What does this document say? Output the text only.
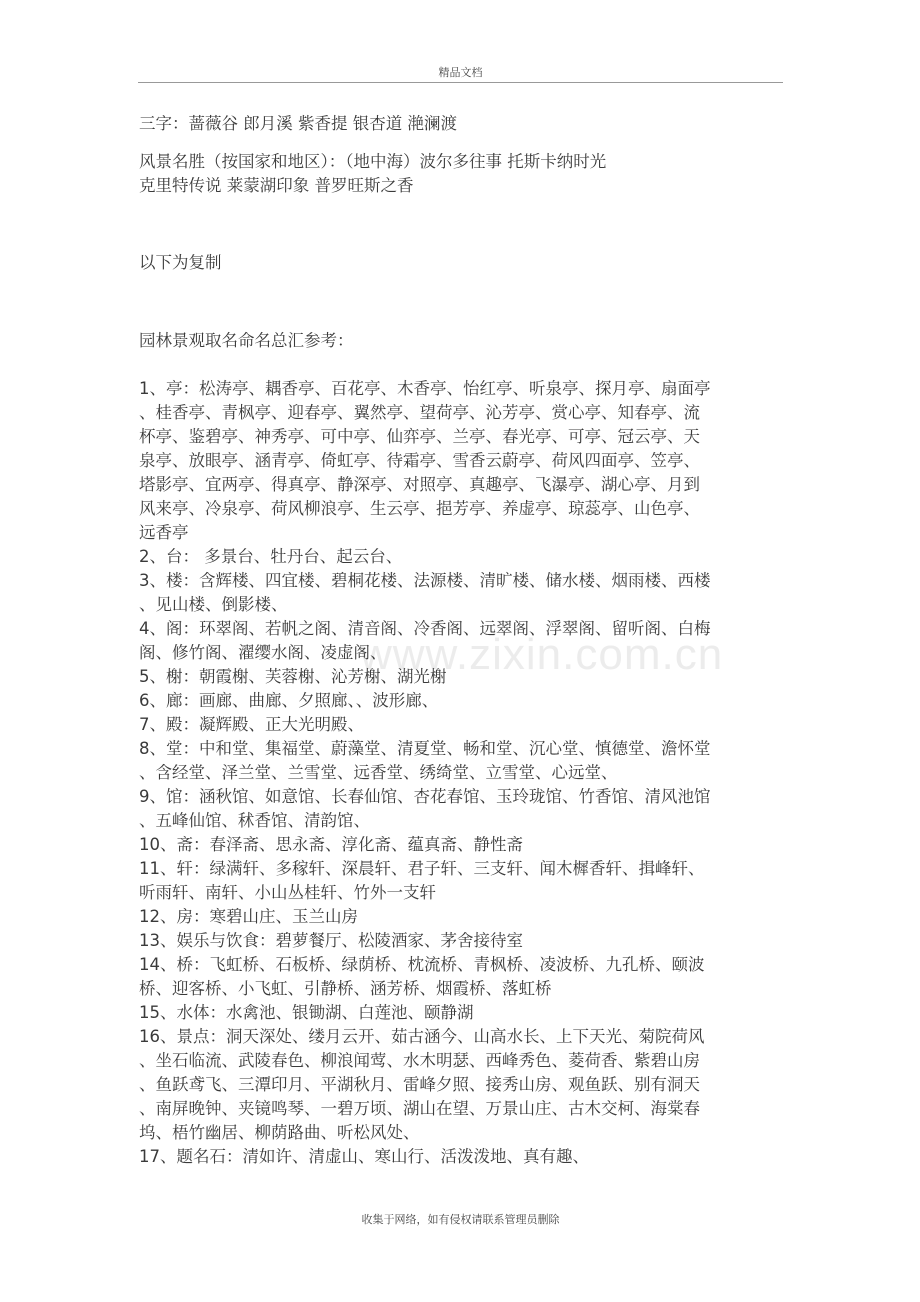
精品文档
www.zixin.com.cn
三字：蔷薇谷 郎月溪 紫香提 银杏道 滟澜渡
风景名胜（按国家和地区）：（地中海）波尔多往事 托斯卡纳时光
克里特传说 莱蒙湖印象 普罗旺斯之香
以下为复制
园林景观取名命名总汇参考：
1、亭：松涛亭、耦香亭、百花亭、木香亭、怡红亭、听泉亭、探月亭、扇面亭
、桂香亭、青枫亭、迎春亭、翼然亭、望荷亭、沁芳亭、赏心亭、知春亭、流
杯亭、鉴碧亭、神秀亭、可中亭、仙弈亭、兰亭、春光亭、可亭、冠云亭、天
泉亭、放眼亭、涵青亭、倚虹亭、待霜亭、雪香云蔚亭、荷风四面亭、笠亭、
塔影亭、宜两亭、得真亭、静深亭、对照亭、真趣亭、飞瀑亭、湖心亭、月到
风来亭、冷泉亭、荷风柳浪亭、生云亭、挹芳亭、养虚亭、琼蕊亭、山色亭、
远香亭
2、台： 多景台、牡丹台、起云台、
3、楼：含辉楼、四宜楼、碧桐花楼、法源楼、清旷楼、储水楼、烟雨楼、西楼
、见山楼、倒影楼、
4、阁：环翠阁、若帆之阁、清音阁、冷香阁、远翠阁、浮翠阁、留听阁、白梅
阁、修竹阁、濯缨水阁、凌虚阁、
5、榭：朝霞榭、芙蓉榭、沁芳榭、湖光榭
6、廊：画廊、曲廊、夕照廊、、波形廊、
7、殿：凝辉殿、正大光明殿、
8、堂：中和堂、集福堂、蔚藻堂、清夏堂、畅和堂、沉心堂、慎德堂、澹怀堂
、含经堂、泽兰堂、兰雪堂、远香堂、绣绮堂、立雪堂、心远堂、
9、馆：涵秋馆、如意馆、长春仙馆、杏花春馆、玉玲珑馆、竹香馆、清风池馆
、五峰仙馆、秫香馆、清韵馆、
10、斋：春泽斋、思永斋、淳化斋、蕴真斋、静性斋
11、轩：绿满轩、多稼轩、深晨轩、君子轩、三支轩、闻木樨香轩、揖峰轩、
听雨轩、南轩、小山丛桂轩、竹外一支轩
12、房：寒碧山庄、玉兰山房
13、娱乐与饮食：碧萝餐厅、松陵酒家、茅舍接待室
14、桥：飞虹桥、石板桥、绿荫桥、枕流桥、青枫桥、凌波桥、九孔桥、颐波
桥、迎客桥、小飞虹、引静桥、涵芳桥、烟霞桥、落虹桥
15、水体：水禽池、银锄湖、白莲池、颐静湖
16、景点：洞天深处、缕月云开、茹古涵今、山高水长、上下天光、菊院荷风
、坐石临流、武陵春色、柳浪闻莺、水木明瑟、西峰秀色、菱荷香、紫碧山房
、鱼跃鸢飞、三潭印月、平湖秋月、雷峰夕照、接秀山房、观鱼跃、别有洞天
、南屏晚钟、夹镜鸣琴、一碧万顷、湖山在望、万景山庄、古木交柯、海棠春
坞、梧竹幽居、柳荫路曲、听松风处、
17、题名石：清如许、清虚山、寒山行、活泼泼地、真有趣、
收集于网络，如有侵权请联系管理员删除
